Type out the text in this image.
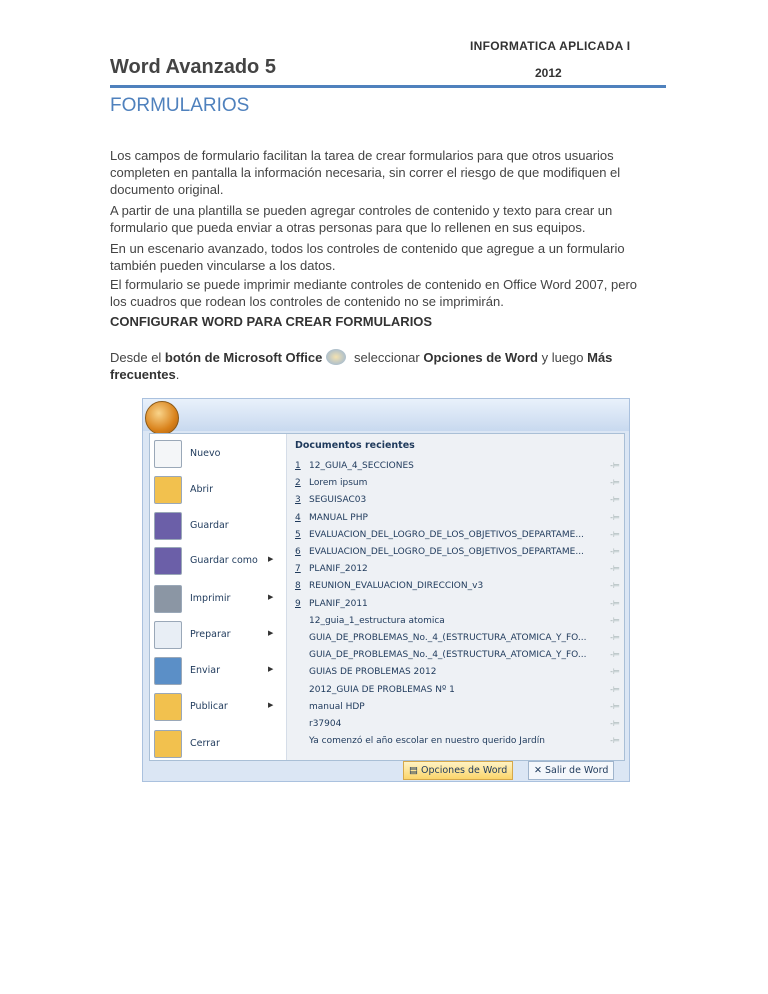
INFORMATICA APLICADA I
Word Avanzado 5	2012
FORMULARIOS
Los campos de formulario facilitan la tarea de crear formularios para que otros usuarios completen en pantalla la información necesaria, sin correr el riesgo de que modifiquen el documento original.
A partir de una plantilla se pueden agregar controles de contenido y texto para crear un formulario que pueda enviar a otras personas para que lo rellenen en sus equipos.
En un escenario avanzado, todos los controles de contenido que agregue a un formulario también pueden vincularse a los datos.
El formulario se puede imprimir mediante controles de contenido en Office Word 2007, pero los cuadros que rodean los controles de contenido no se imprimirán.
CONFIGURAR WORD PARA CREAR FORMULARIOS
Desde el botón de Microsoft Office seleccionar Opciones de Word y luego Más frecuentes.
Nuevo
Abrir
Guardar
Guardar como ▶
Imprimir	▶
Preparar	▶
Enviar	▶
Publicar	▶
Cerrar
Documentos recientes
1 12_GUIA_4_SECCIONES	-⊨
2 Lorem ipsum	-⊨
3 SEGUISAC03	-⊨
4 MANUAL PHP	-⊨
5 EVALUACION_DEL_LOGRO_DE_LOS_OBJETIVOS_DEPARTAME...	-⊨
6 EVALUACION_DEL_LOGRO_DE_LOS_OBJETIVOS_DEPARTAME...	-⊨
7 PLANIF_2012	-⊨
8 REUNION_EVALUACION_DIRECCION_v3	-⊨
9 PLANIF_2011	-⊨
12_guia_1_estructura atomica	-⊨
GUIA_DE_PROBLEMAS_No._4_(ESTRUCTURA_ATOMICA_Y_FO...	-⊨
GUIA_DE_PROBLEMAS_No._4_(ESTRUCTURA_ATOMICA_Y_FO...	-⊨
GUIAS DE PROBLEMAS 2012	-⊨
2012_GUIA DE PROBLEMAS Nº 1	-⊨
manual HDP	-⊨
r37904	-⊨
Ya comenzó el año escolar en nuestro querido Jardín	-⊨
▤ Opciones de Word	✕ Salir de Word
